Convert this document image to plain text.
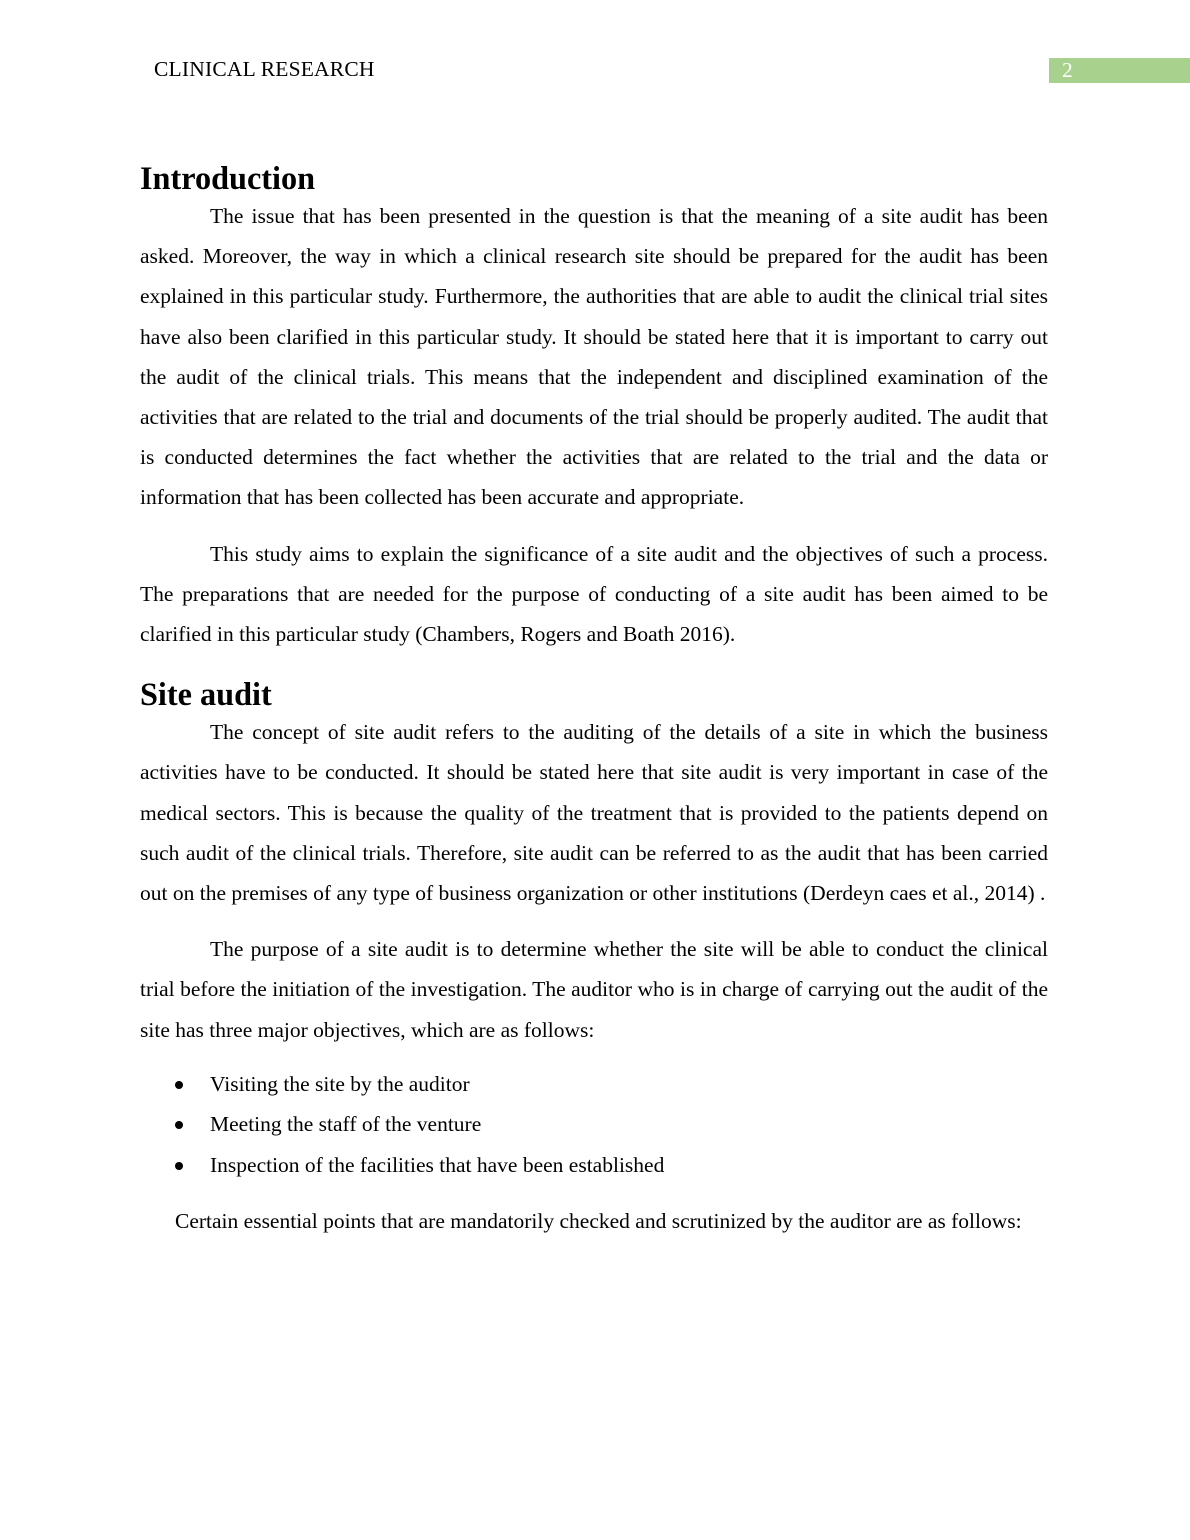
CLINICAL RESEARCH	2
Introduction

The issue that has been presented in the question is that the meaning of a site audit has been asked. Moreover, the way in which a clinical research site should be prepared for the audit has been explained in this particular study. Furthermore, the authorities that are able to audit the clinical trial sites have also been clarified in this particular study. It should be stated here that it is important to carry out the audit of the clinical trials. This means that the independent and disciplined examination of the activities that are related to the trial and documents of the trial should be properly audited. The audit that is conducted determines the fact whether the activities that are related to the trial and the data or information that has been collected has been accurate and appropriate.

This study aims to explain the significance of a site audit and the objectives of such a process. The preparations that are needed for the purpose of conducting of a site audit has been aimed to be clarified in this particular study (Chambers, Rogers and Boath 2016).

Site audit

The concept of site audit refers to the auditing of the details of a site in which the business activities have to be conducted. It should be stated here that site audit is very important in case of the medical sectors. This is because the quality of the treatment that is provided to the patients depend on such audit of the clinical trials. Therefore, site audit can be referred to as the audit that has been carried out on the premises of any type of business organization or other institutions (Derdeyn caes et al., 2014) .

The purpose of a site audit is to determine whether the site will be able to conduct the clinical trial before the initiation of the investigation. The auditor who is in charge of carrying out the audit of the site has three major objectives, which are as follows:

Visiting the site by the auditor
Meeting the staff of the venture
Inspection of the facilities that have been established

Certain essential points that are mandatorily checked and scrutinized by the auditor are as follows:
